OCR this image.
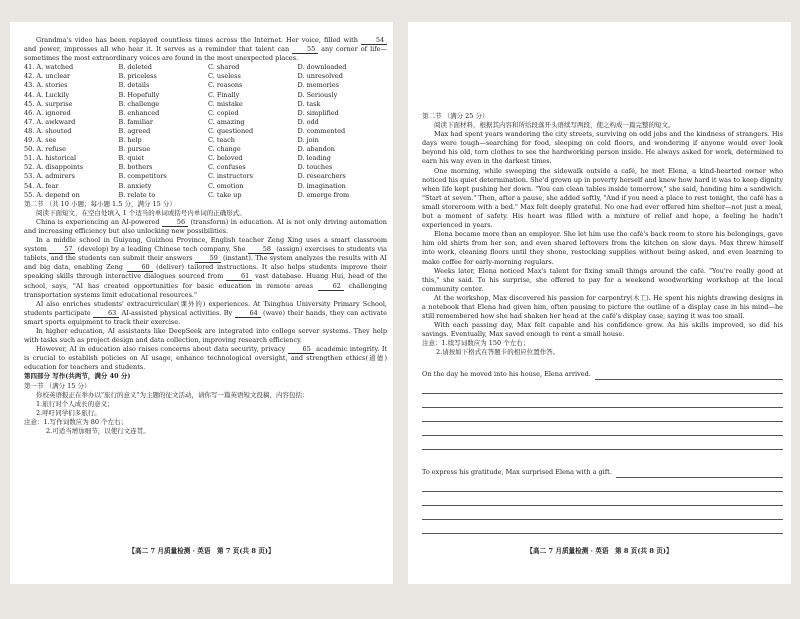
Grandma's video has been replayed countless times across the Internet. Her voice, filled with 54 and power, impresses all who hear it. It serves as a reminder that talent can 55 any corner of life—sometimes the most extraordinary voices are found in the most unexpected places.

41. A. watched	B. deleted	C. shared	D. downloaded
42. A. unclear	B. priceless	C. useless	D. unresolved
43. A. stories	B. details	C. reasons	D. memories
44. A. Luckily	B. Hopefully	C. Finally	D. Seriously
45. A. surprise	B. challenge	C. mistake	D. task
46. A. ignored	B. enhanced	C. copied	D. simplified
47. A. awkward	B. familiar	C. amazing	D. odd
48. A. shouted	B. agreed	C. questioned	D. commented
49. A. see	B. help	C. teach	D. join
50. A. refuse	B. pursue	C. change	D. abandon
51. A. historical	B. quiet	C. beloved	D. leading
52. A. disappoints	B. bothers	C. confuses	D. touches
53. A. admirers	B. competitors	C. instructors	D. researchers
54. A. fear	B. anxiety	C. emotion	D. imagination
55. A. depend on	B. relate to	C. take up	D. emerge from

第二节 （共 10 小题；每小题 1.5 分，满分 15 分）

阅读下面短文，在空白处填入 1 个适当的单词或括号内单词的正确形式。

China is experiencing an AI-powered 56 (transform) in education. AI is not only driving automation and increasing efficiency but also unlocking new possibilities.

In a middle school in Guiyang, Guizhou Province, English teacher Zeng Xing uses a smart classroom system 57 (develop) by a leading Chinese tech company. She 58 (assign) exercises to students via tablets, and the students can submit their answers 59 (instant). The system analyzes the results with AI and big data, enabling Zeng 60 (deliver) tailored instructions. It also helps students improve their speaking skills through interactive dialogues sourced from 61 vast database. Huang Hui, head of the school, says, "AI has created opportunities for basic education in remote areas 62 challenging transportation systems limit educational resources."

AI also enriches students' extracurricular(课外的) experiences. At Tsinghua University Primary School, students participate 63 AI-assisted physical activities. By 64 (wave) their hands, they can activate smart sports equipment to track their exercise.

In higher education, AI assistants like DeepSeek are integrated into college server systems. They help with tasks such as project design and data collection, improving research efficiency.

However, AI in education also raises concerns about data security, privacy 65 academic integrity. It is crucial to establish policies on AI usage, enhance technological oversight, and strengthen ethics(道德) education for teachers and students.

第四部分 写作(共两节，满分 40 分)

第一节 （满分 15 分）

你校英语报正在举办以"旅行的意义"为主题的征文活动，请你写一篇英语短文投稿，内容包括：

1.旅行对个人成长的意义；

2.呼吁同学们多旅行。

注意：1.写作词数应为 80 个左右；

2.可适当增加细节，以使行文连贯。

【高二 7 月质量检测 · 英语　第 7 页(共 8 页)】

第二节 （满分 25 分）

阅读下面材料，根据其内容和所给段落开头语续写两段，使之构成一篇完整的短文。

Max had spent years wandering the city streets, surviving on odd jobs and the kindness of strangers. His days were tough—searching for food, sleeping on cold floors, and wondering if anyone would ever look beyond his old, torn clothes to see the hardworking person inside. He always asked for work, determined to earn his way even in the darkest times.

One morning, while sweeping the sidewalk outside a café, he met Elena, a kind-hearted owner who noticed his quiet determination. She'd grown up in poverty herself and knew how hard it was to keep dignity when life kept pushing her down. "You can clean tables inside tomorrow," she said, handing him a sandwich. "Start at seven." Then, after a pause, she added softly, "And if you need a place to rest tonight, the café has a small storeroom with a bed." Max felt deeply grateful. No one had ever offered him shelter—not just a meal, but a moment of safety. His heart was filled with a mixture of relief and hope, a feeling he hadn't experienced in years.

Elena became more than an employer. She let him use the café's back room to store his belongings, gave him old shirts from her son, and even shared leftovers from the kitchen on slow days. Max threw himself into work, cleaning floors until they shone, restocking supplies without being asked, and even learning to make coffee for early-morning regulars.

Weeks later, Elena noticed Max's talent for fixing small things around the café. "You're really good at this," she said. To his surprise, she offered to pay for a weekend woodworking workshop at the local community center.

At the workshop, Max discovered his passion for carpentry(木工). He spent his nights drawing designs in a notebook that Elena had given him, often pausing to picture the outline of a display case in his mind—he still remembered how she had shaken her head at the café's display case, saying it was too small.

With each passing day, Max felt capable and his confidence grew. As his skills improved, so did his savings. Eventually, Max saved enough to rent a small house.

注意：1.续写词数应为 150 个左右；

2.请按如下格式在答题卡的相应位置作答。

On the day he moved into his house, Elena arrived.
To express his gratitude, Max surprised Elena with a gift.
【高二 7 月质量检测 · 英语　第 8 页(共 8 页)】
